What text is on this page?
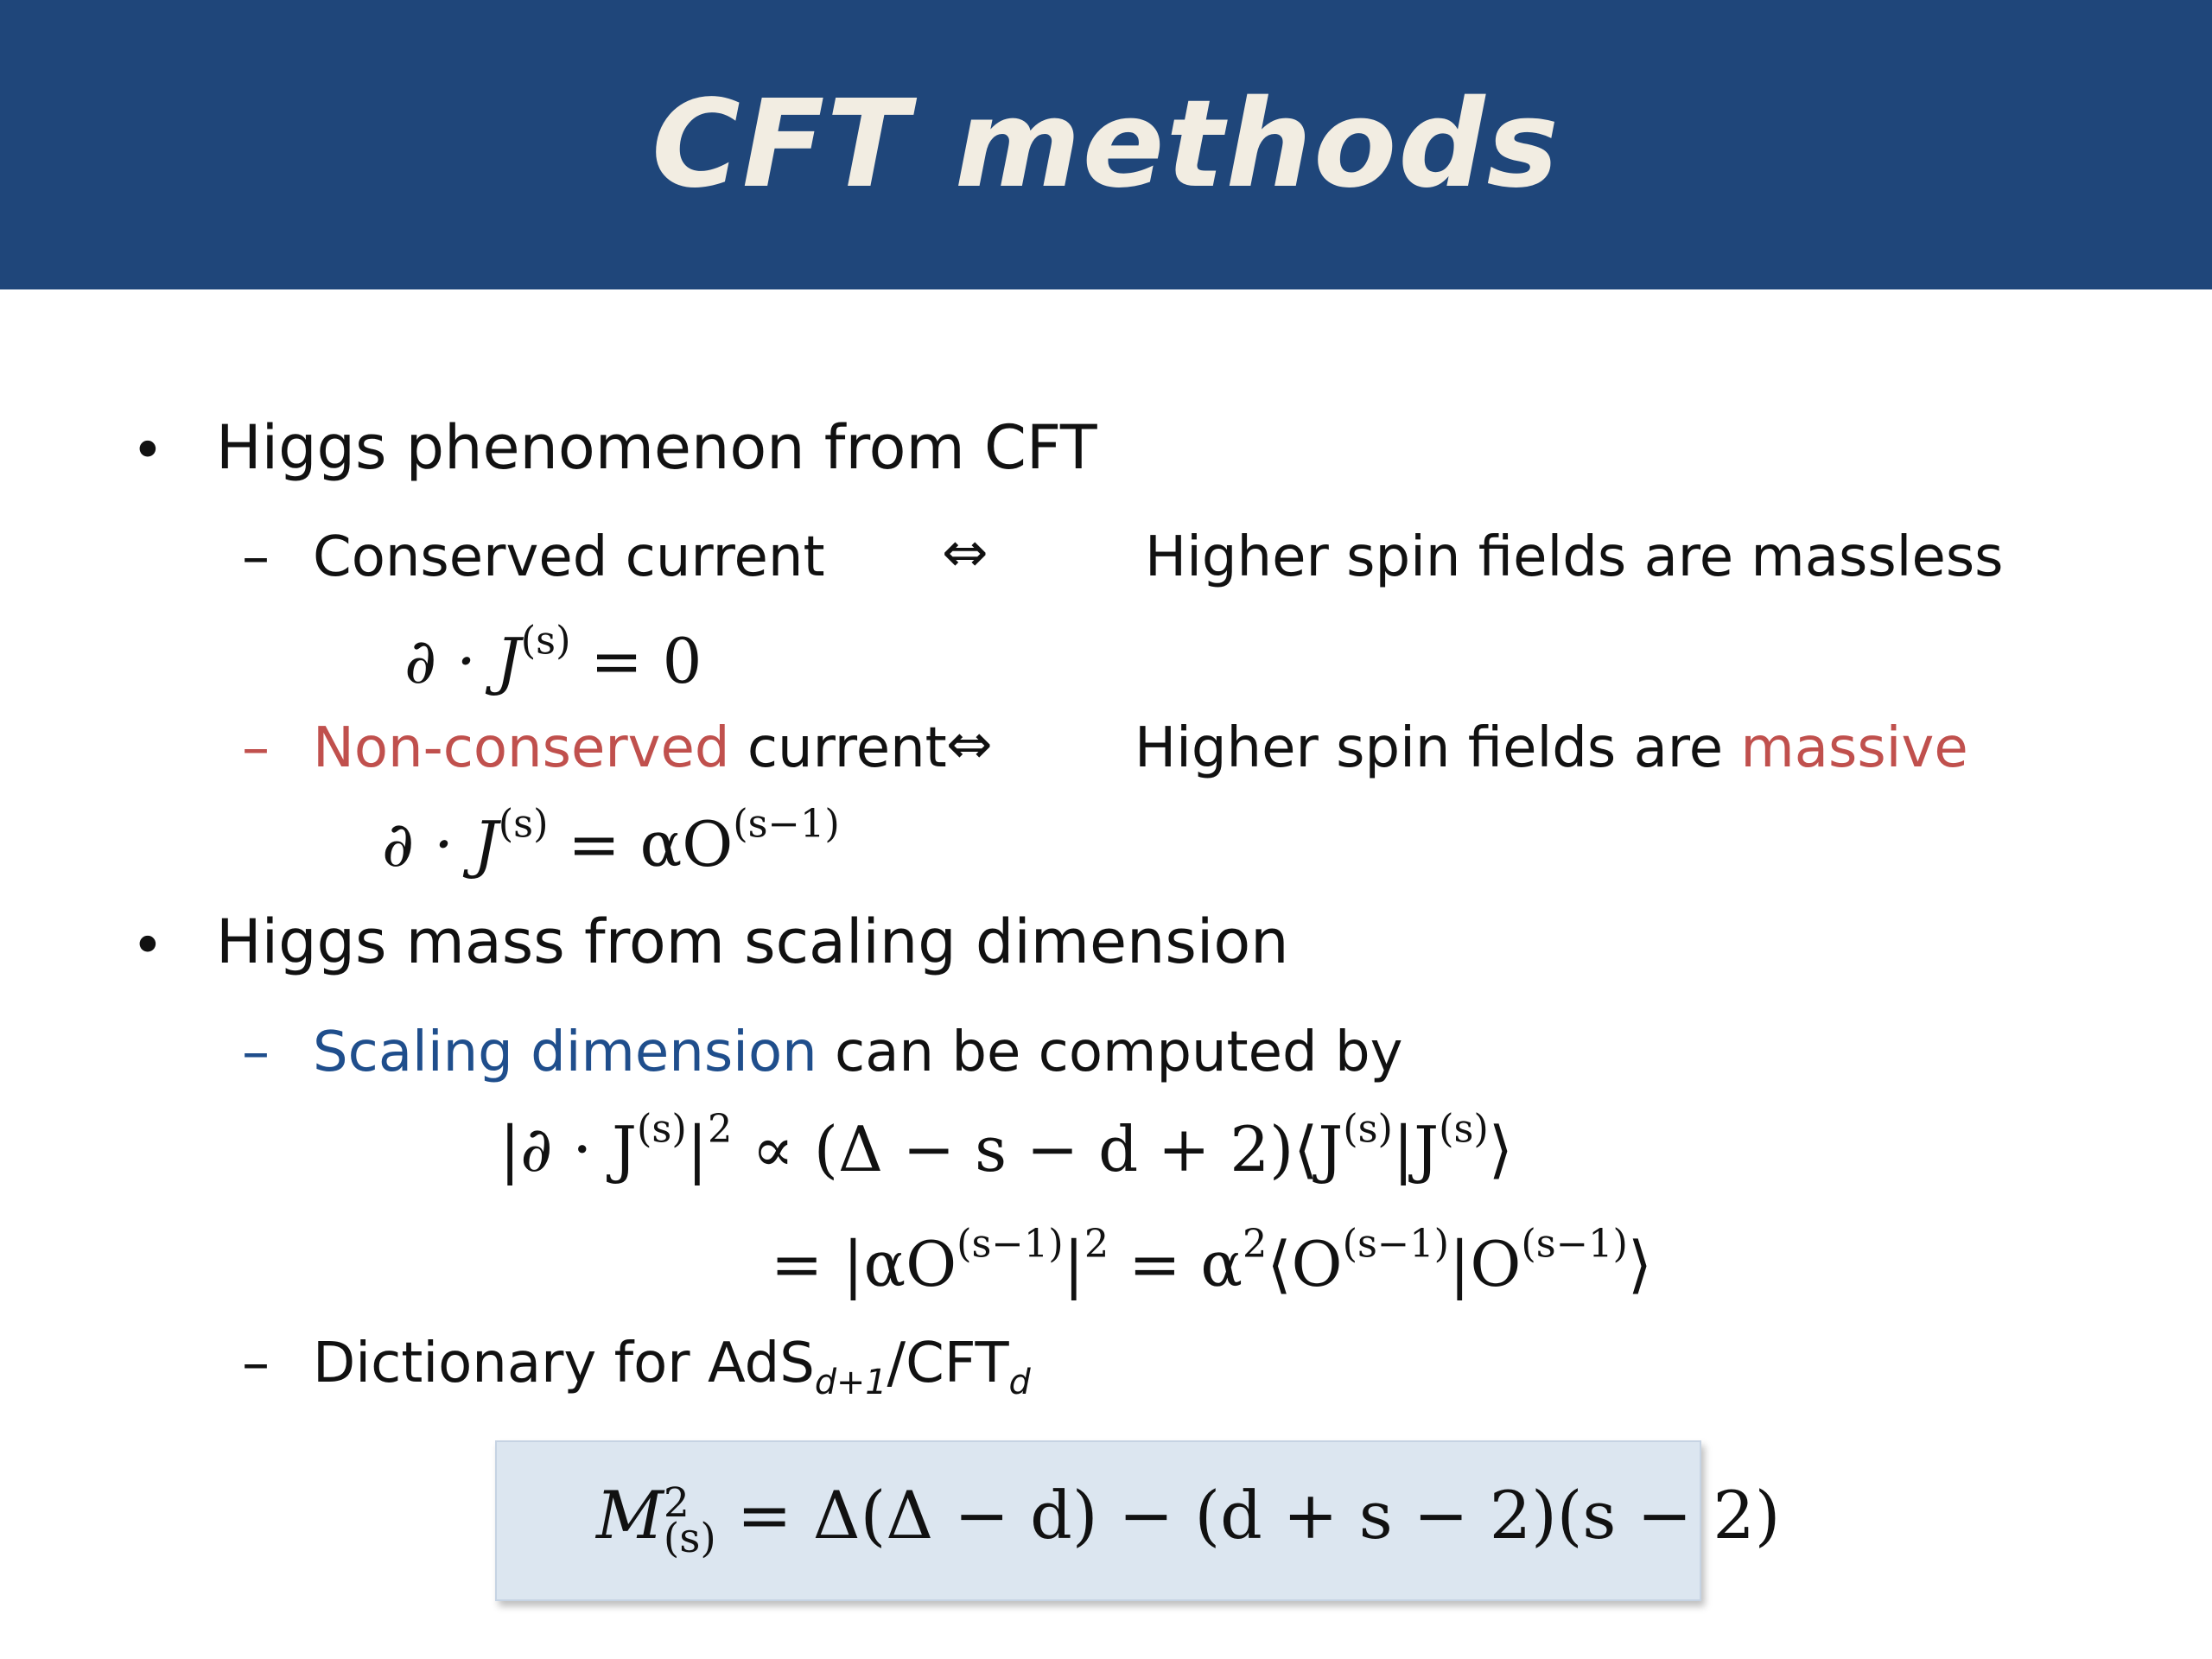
CFT methods
• Higgs phenomenon from CFT
– Conserved current ⇔	Higher spin fields are massless
∂ · $J^{(s)} = 0$
– Non-conserved current ⇔	Higher spin fields are massive
∂ · $J^{(s)} = \alpha O^{(s-1)}$
• Higgs mass from scaling dimension
– Scaling dimension can be computed by
|∂ · $J^{(s)}|^2 \propto (\Delta - s - d$ + $2)⟨J^{(s)}|J^{(s)}⟩$
= $|\alpha O^{(s-1)}|^2$ = $\alpha^2⟨O^{(s-1)}|O^{(s-1)}⟩$
– Dictionary for $AdS_{d+1}/CFT_d$
M 2
(s) = Δ(Δ − d) − (d + s − 2)(s − 2)
